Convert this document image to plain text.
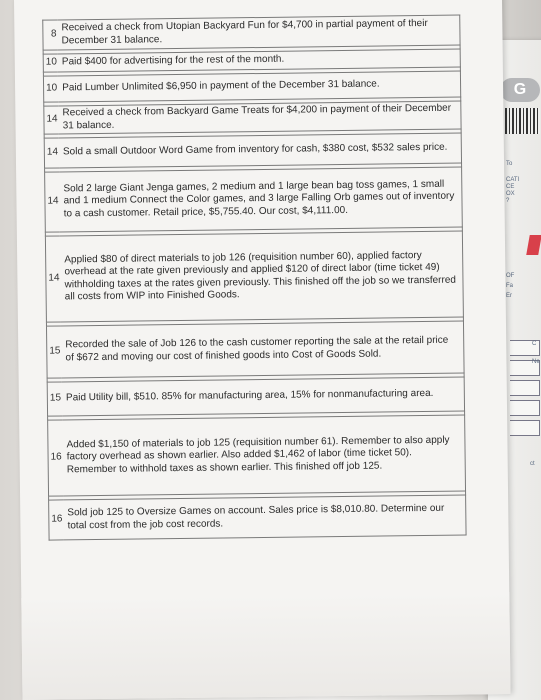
G
To
CATI
CE
OX
?
OF
Fa
Er
C
Ne
ct
8	Received a check from Utopian Backyard Fun for $4,700 in partial payment of their December 31 balance.

10	Paid $400 for advertising for the rest of the month.

10	Paid Lumber Unlimited $6,950 in payment of the December 31 balance.

14	Received a check from Backyard Game Treats for $4,200 in payment of their December 31 balance.

14	Sold a small Outdoor Word Game from inventory for cash, $380 cost, $532 sales price.

14	Sold 2 large Giant Jenga games, 2 medium and 1 large bean bag toss games, 1 small and 1 medium Connect the Color games, and 3 large Falling Orb games out of inventory to a cash customer. Retail price, $5,755.40. Our cost, $4,111.00.

14	Applied $80 of direct materials to job 126 (requisition number 60), applied factory overhead at the rate given previously and applied $120 of direct labor (time ticket 49) withholding taxes at the rates given previously. This finished off the job so we transferred all costs from WIP into Finished Goods.

15	Recorded the sale of Job 126 to the cash customer reporting the sale at the retail price of $672 and moving our cost of finished goods into Cost of Goods Sold.

15	Paid Utility bill, $510. 85% for manufacturing area, 15% for nonmanufacturing area.

16	Added $1,150 of materials to job 125 (requisition number 61). Remember to also apply factory overhead as shown earlier. Also added $1,462 of labor (time ticket 50). Remember to withhold taxes as shown earlier. This finished off job 125.

16	Sold job 125 to Oversize Games on account. Sales price is $8,010.80. Determine our total cost from the job cost records.
